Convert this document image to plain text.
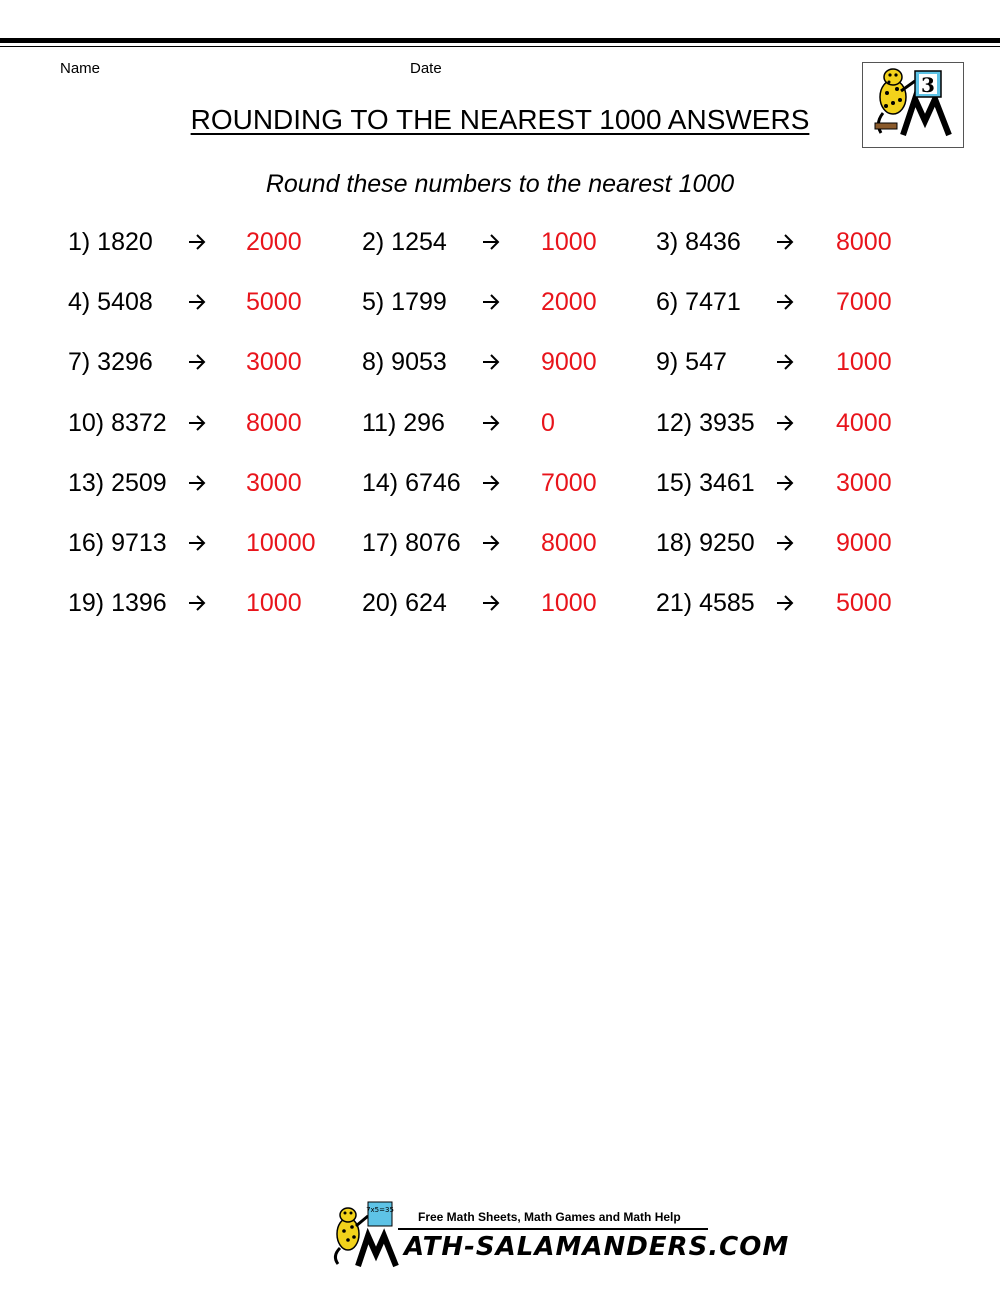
Name	Date
3
ROUNDING TO THE NEAREST 1000 ANSWERS
Round these numbers to the nearest 1000
1) 1820	2000 2) 1254	1000 3) 8436	8000
4) 5408	5000 5) 1799	2000 6) 7471	7000
7) 3296	3000 8) 9053	9000 9) 547	1000
10) 8372	8000 11) 296	0	12) 3935	4000
13) 2509	3000 14) 6746	7000 15) 3461	3000
16) 9713	10000 17) 8076	8000 18) 9250	9000
19) 1396	1000 20) 624	1000 21) 4585	5000
7x5=35 Free Math Sheets, Math Games and Math Help
ATH-SALAMANDERS.COM
